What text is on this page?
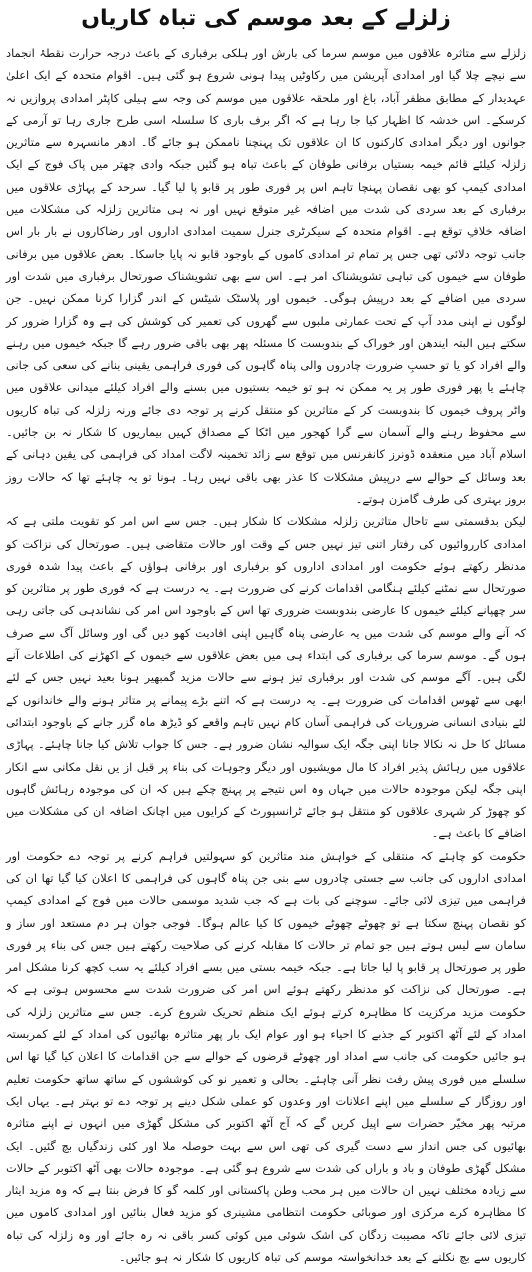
زلزلے کے بعد موسم کی تباہ کاریاں

زلزلے سے متاثرہ علاقوں میں موسم سرما کی بارش اور ہلکی برفباری کے باعث درجہ حرارت نقطۂ انجماد سے نیچے چلا گیا اور امدادی آپریشن میں رکاوٹیں پیدا ہونی شروع ہو گئی ہیں۔ اقوام متحدہ کے ایک اعلیٰ عہدیدار کے مطابق مظفر آباد، باغ اور ملحقہ علاقوں میں موسم کی وجہ سے ہیلی کاپٹر امدادی پروازیں نہ کرسکے۔ اس خدشہ کا اظہار کیا جا رہا ہے کہ اگر برف باری کا سلسلہ اسی طرح جاری رہا تو آرمی کے جوانوں اور دیگر امدادی کارکنوں کا ان علاقوں تک پہنچنا ناممکن ہو جائے گا۔ ادھر مانسہرہ سے متاثرین زلزلہ کیلئے قائم خیمہ بستیاں برفانی طوفان کے باعث تباہ ہو گئیں جبکہ وادی چھتر میں پاک فوج کے ایک امدادی کیمپ کو بھی نقصان پہنچا تاہم اس پر فوری طور پر قابو پا لیا گیا۔ سرحد کے پہاڑی علاقوں میں برفباری کے بعد سردی کی شدت میں اضافہ غیر متوقع نہیں اور نہ ہی متاثرین زلزلہ کی مشکلات میں اضافہ خلافِ توقع ہے۔ اقوام متحدہ کے سیکرٹری جنرل سمیت امدادی اداروں اور رضاکاروں نے بار بار اس جانب توجہ دلائی تھی جس پر تمام تر امدادی کاموں کے باوجود قابو نہ پایا جاسکا۔ بعض علاقوں میں برفانی طوفان سے خیموں کی تباہی تشویشناک امر ہے۔ اس سے بھی تشویشناک صورتحال برفباری میں شدت اور سردی میں اضافے کے بعد درپیش ہوگی۔ خیموں اور پلاسٹک شیٹس کے اندر گزارا کرنا ممکن نہیں۔ جن لوگوں نے اپنی مدد آپ کے تحت عمارتی ملبوں سے گھروں کی تعمیر کی کوشش کی ہے وہ گزارا ضرور کر سکتے ہیں البتہ ایندھن اور خوراک کے بندوبست کا مسئلہ پھر بھی باقی ضرور رہے گا جبکہ خیموں میں رہنے والے افراد کو یا تو حسبِ ضرورت چادروں والی پناہ گاہوں کی فوری فراہمی یقینی بنانے کی سعی کی جانی چاہئے یا پھر فوری طور پر یہ ممکن نہ ہو تو خیمہ بستیوں میں بسنے والے افراد کیلئے میدانی علاقوں میں واٹر پروف خیموں کا بندوبست کر کے متاثرین کو منتقل کرنے پر توجہ دی جائے ورنہ زلزلہ کی تباہ کاریوں سے محفوظ رہنے والے آسمان سے گرا کھجور میں اٹکا کے مصداق کہیں بیماریوں کا شکار نہ بن جائیں۔ اسلام آباد میں منعقدہ ڈونرز کانفرنس میں توقع سے زائد تخمینہ لاگت امداد کی فراہمی کی یقین دہانی کے بعد وسائل کے حوالے سے درپیش مشکلات کا عذر بھی باقی نہیں رہا۔ ہونا تو یہ چاہئے تھا کہ حالات روز بروز بہتری کی طرف گامزن ہوتے۔

لیکن بدقسمتی سے تاحال متاثرین زلزلہ مشکلات کا شکار ہیں۔ جس سے اس امر کو تقویت ملتی ہے کہ امدادی کارروائیوں کی رفتار اتنی تیز نہیں جس کے وقت اور حالات متقاضی ہیں۔ صورتحال کی نزاکت کو مدنظر رکھتے ہوئے حکومت اور امدادی اداروں کو برفباری اور برفانی ہواؤں کے باعث پیدا شدہ فوری صورتحال سے نمٹنے کیلئے ہنگامی اقدامات کرنے کی ضرورت ہے۔ یہ درست ہے کہ فوری طور پر متاثرین کو سر چھپانے کیلئے خیموں کا عارضی بندوبست ضروری تھا اس کے باوجود اس امر کی نشاندہی کی جاتی رہی کہ آنے والے موسم کی شدت میں یہ عارضی پناہ گاہیں اپنی افادیت کھو دیں گی اور وسائل آگ سے صرف ہوں گے۔ موسم سرما کی برفباری کی ابتداء ہی میں بعض علاقوں سے خیموں کے اکھڑنے کی اطلاعات آنے لگی ہیں۔ آگے موسم کی شدت اور برفباری تیز ہونے سے حالات مزید گمبھیر ہونا بعید نہیں جس کے لئے ابھی سے ٹھوس اقدامات کی ضرورت ہے۔ یہ درست ہے کہ اتنے بڑے پیمانے پر متاثر ہونے والے خاندانوں کے لئے بنیادی انسانی ضروریات کی فراہمی آسان کام نہیں تاہم واقعے کو ڈیڑھ ماہ گزر جانے کے باوجود ابتدائی مسائل کا حل نہ نکالا جانا اپنی جگہ ایک سوالیہ نشان ضرور ہے۔ جس کا جواب تلاش کیا جانا چاہئے۔ پہاڑی علاقوں میں رہائش پذیر افراد کا مال مویشیوں اور دیگر وجوہات کی بناء پر قبل از یں نقل مکانی سے انکار اپنی جگہ لیکن موجودہ حالات میں جہاں وہ اس نتیجے پر پہنچ چکے ہیں کہ ان کی موجودہ رہائش گاہوں کو چھوڑ کر شہری علاقوں کو منتقل ہو جائے ٹرانسپورٹ کے کرایوں میں اچانک اضافہ ان کی مشکلات میں اضافے کا باعث ہے۔

حکومت کو چاہئے کہ منتقلی کے خواہش مند متاثرین کو سہولتیں فراہم کرنے پر توجہ دے حکومت اور امدادی اداروں کی جانب سے جستی چادروں سے بنی جن پناہ گاہوں کی فراہمی کا اعلان کیا گیا تھا ان کی فراہمی میں تیزی لائی جائے۔ سوچنے کی بات ہے کہ جب شدید موسمی حالات میں فوج کے امدادی کیمپ کو نقصان پہنچ سکتا ہے تو چھوٹے چھوٹے خیموں کا کیا عالم ہوگا۔ فوجی جوان ہر دم مستعد اور ساز و سامان سے لیس ہوتے ہیں جو تمام تر حالات کا مقابلہ کرنے کی صلاحیت رکھتے ہیں جس کی بناء پر فوری طور پر صورتحال پر قابو پا لیا جاتا ہے۔ جبکہ خیمہ بستی میں بسے افراد کیلئے یہ سب کچھ کرنا مشکل امر ہے۔ صورتحال کی نزاکت کو مدنظر رکھتے ہوئے اس امر کی ضرورت شدت سے محسوس ہوتی ہے کہ حکومت مزید مرکزیت کا مظاہرہ کرتے ہوئے ایک منظم تحریک شروع کرے۔ جس سے متاثرین زلزلہ کی امداد کے لئے آٹھ اکتوبر کے جذبے کا احیاء ہو اور عوام ایک بار پھر متاثرہ بھائیوں کی امداد کے لئے کمربستہ ہو جائیں حکومت کی جانب سے امداد اور چھوٹے قرضوں کے حوالے سے جن اقدامات کا اعلان کیا گیا تھا اس سلسلے میں فوری پیش رفت نظر آنی چاہئے۔ بحالی و تعمیر نو کی کوششوں کے ساتھ ساتھ حکومت تعلیم اور روزگار کے سلسلے میں اپنے اعلانات اور وعدوں کو عملی شکل دینے پر توجہ دے تو بہتر ہے۔ یہاں ایک مرتبہ پھر مخیّر حضرات سے اپیل کریں گے کہ آج آٹھ اکتوبر کی مشکل گھڑی میں انہوں نے اپنے متاثرہ بھائیوں کی جس انداز سے دست گیری کی تھی اس سے بہت حوصلہ ملا اور کئی زندگیاں بچ گئیں۔ ایک مشکل گھڑی طوفان و باد و باراں کی شدت سے شروع ہو گئی ہے۔ موجودہ حالات بھی آٹھ اکتوبر کے حالات سے زیادہ مختلف نہیں ان حالات میں ہر محب وطن پاکستانی اور کلمہ گو کا فرض بنتا ہے کہ وہ مزید ایثار کا مظاہرہ کرے مرکزی اور صوبائی حکومت انتظامی مشینری کو مزید فعال بنائیں اور امدادی کاموں میں تیزی لائی جائے تاکہ مصیبت زدگان کی اشک شوئی میں کوئی کسر باقی نہ رہ جائے اور وہ زلزلہ کی تباہ کاریوں سے بچ نکلنے کے بعد خدانخواستہ موسم کی تباہ کاریوں کا شکار نہ ہو جائیں۔
